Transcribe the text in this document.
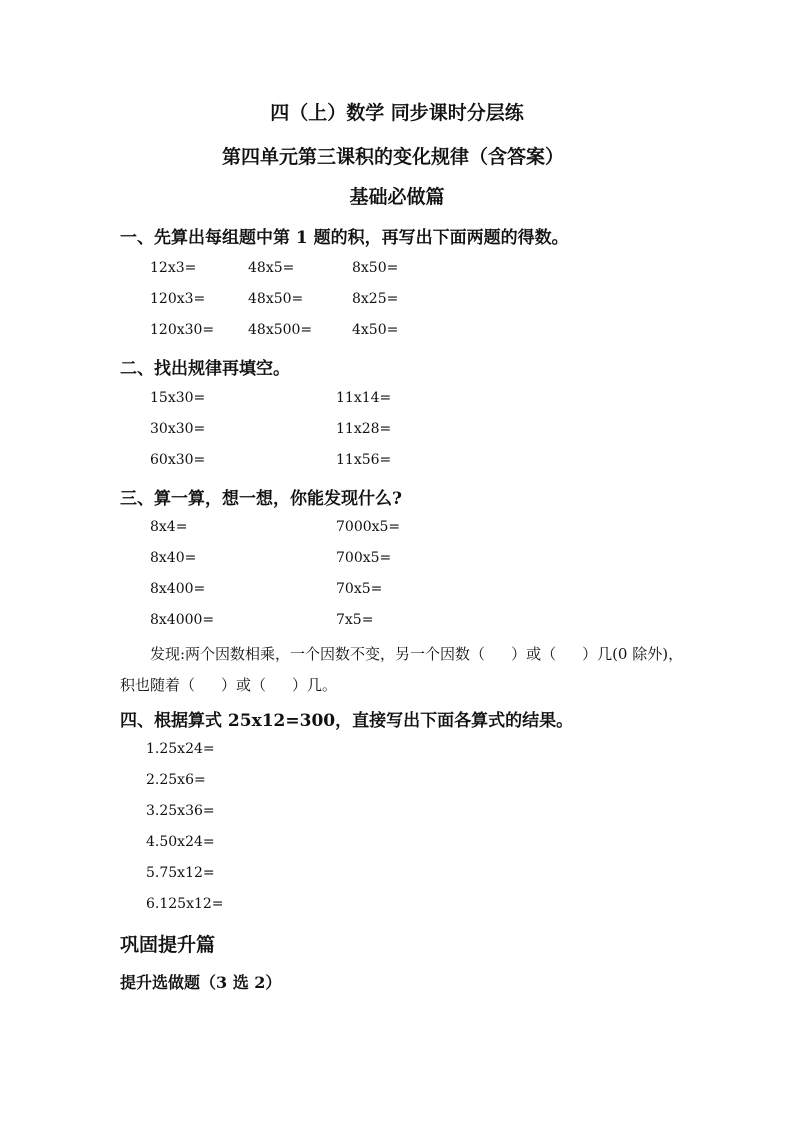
四（上）数学 同步课时分层练
第四单元第三课积的变化规律（含答案）
基础必做篇
一、先算出每组题中第 1 题的积，再写出下面两题的得数。
12x3=	48x5=	8x50=
120x3=	48x50=	8x25=
120x30= 48x500=	4x50=
二、找出规律再填空。
15x30=	11x14=
30x30=	11x28=
60x30=	11x56=
三、算一算，想一想，你能发现什么?
8x4=	7000x5=
8x40=	700x5=
8x400=	70x5=
8x4000=	7x5=
发现:两个因数相乘，一个因数不变，另一个因数（ ）或（ ）几(0 除外)，
积也随着（ ）或（ ）几。
四、根据算式 25x12=300，直接写出下面各算式的结果。
1.25x24=
2.25x6=
3.25x36=
4.50x24=
5.75x12=
6.125x12=
巩固提升篇
提升选做题（3 选 2）
